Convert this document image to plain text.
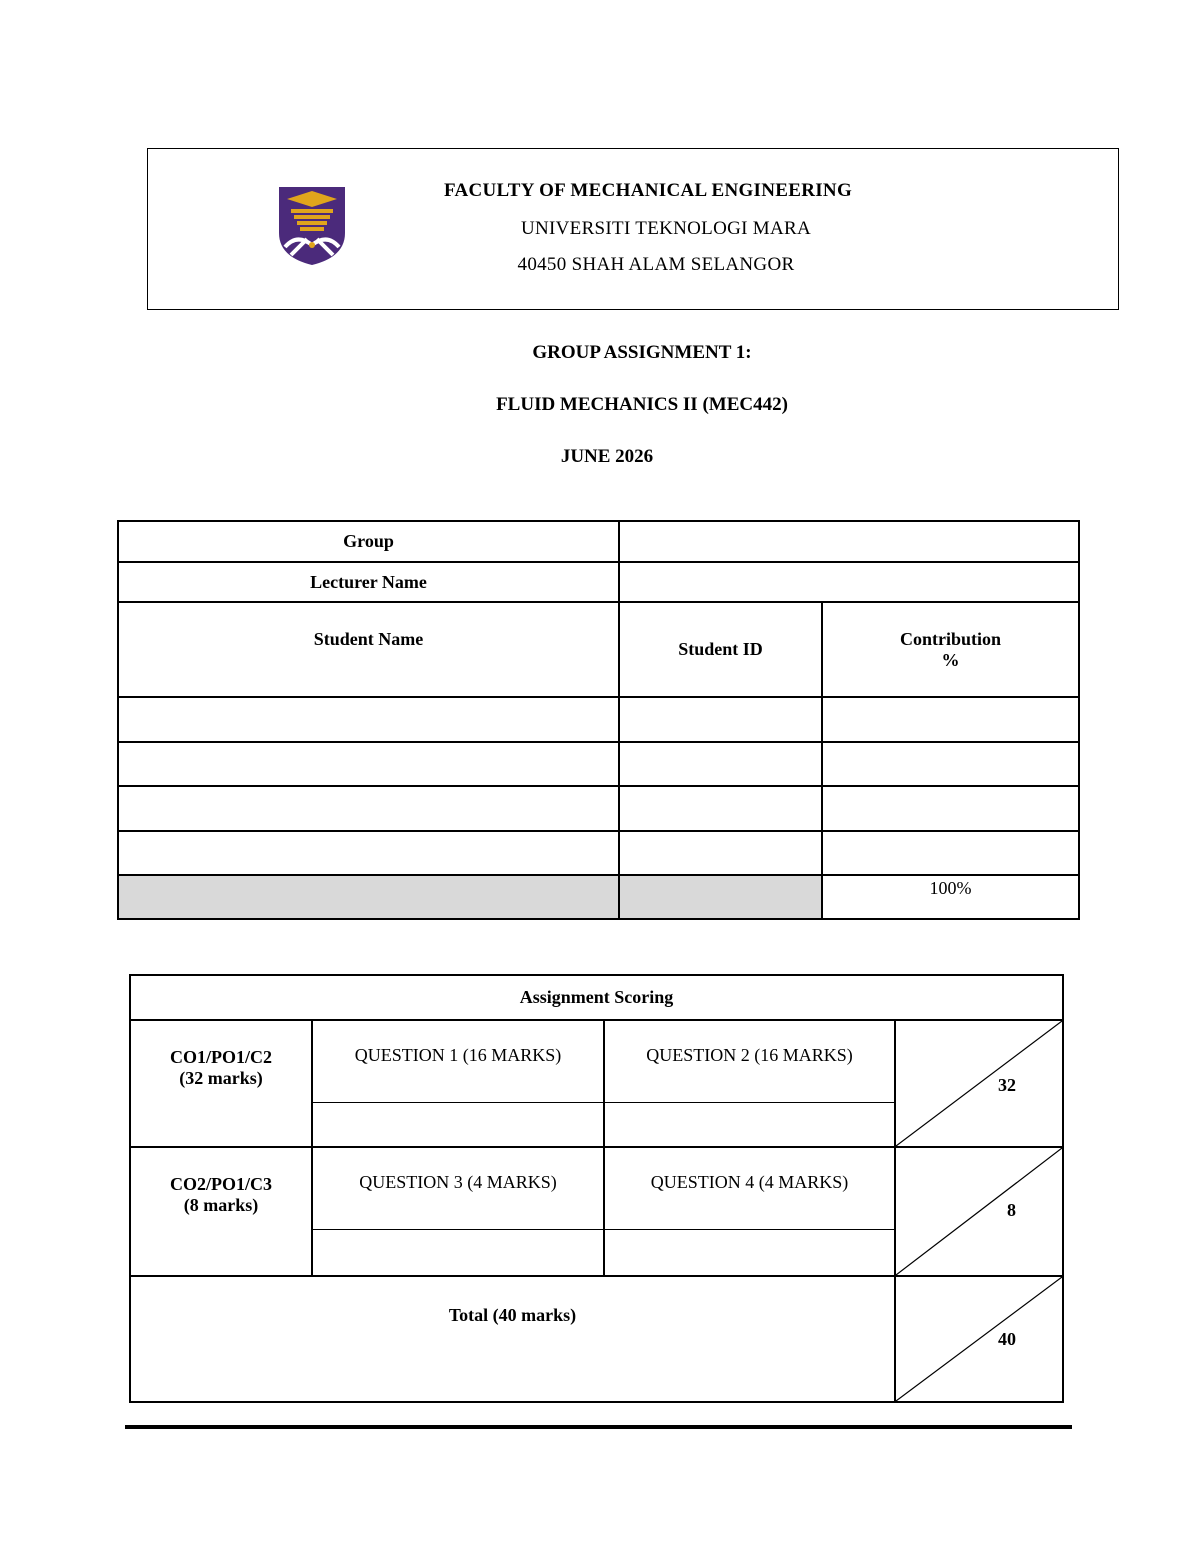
FACULTY OF MECHANICAL ENGINEERING
UNIVERSITI TEKNOLOGI MARA
40450 SHAH ALAM SELANGOR
GROUP ASSIGNMENT 1:
FLUID MECHANICS II (MEC442)
JUNE 2026
Group		
Lecturer Name		
Student Name	Student ID	Contribution
%

		100%
Assignment Scoring			

CO1/PO1/C2
(32 marks)	QUESTION 1 (16 MARKS)	QUESTION 2 (16 MARKS)	32

CO2/PO1/C3
(8 marks)	QUESTION 3 (4 MARKS)	QUESTION 4 (4 MARKS)	8

Total (40 marks)			40
